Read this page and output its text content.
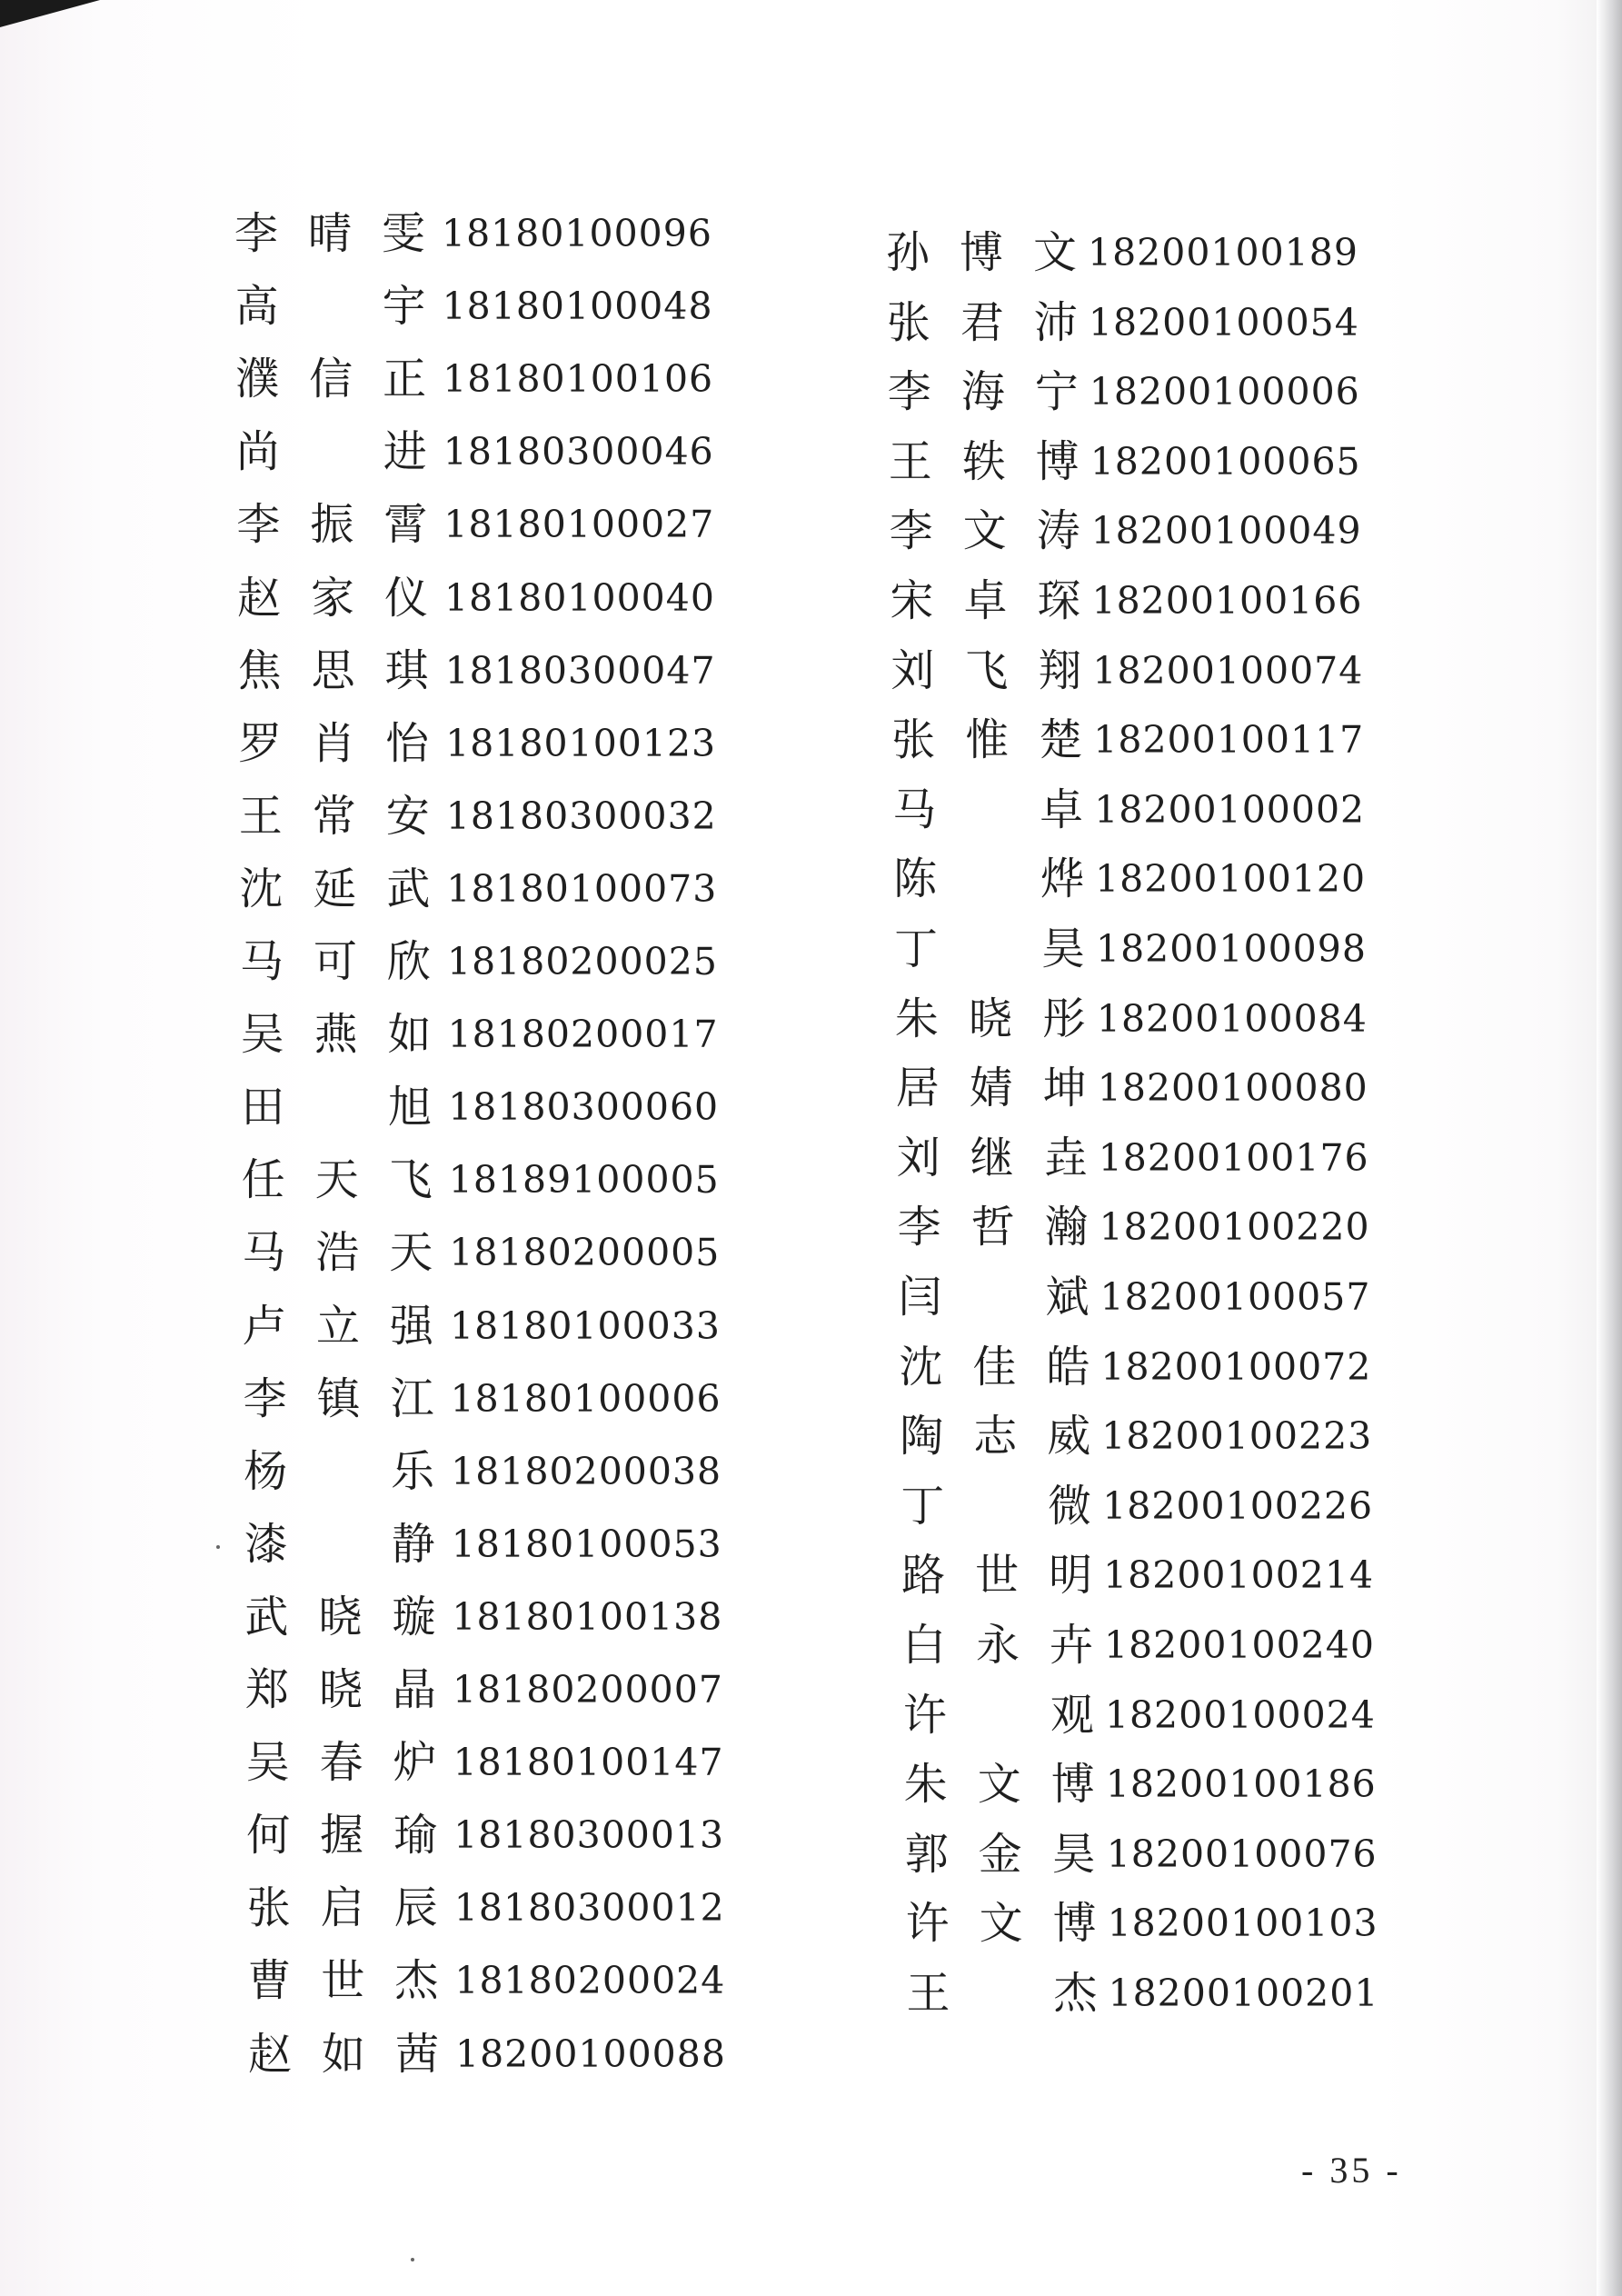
李 晴 雯 18180100096
高 宇 18180100048
濮 信 正 18180100106
尚 进 18180300046
李 振 霄 18180100027
赵 家 仪 18180100040
焦 思 琪 18180300047
罗 肖 怡 18180100123
王 常 安 18180300032
沈 延 武 18180100073
马 可 欣 18180200025
吴 燕 如 18180200017
田 旭 18180300060
任 天 飞 18189100005
马 浩 天 18180200005
卢 立 强 18180100033
李 镇 江 18180100006
杨 乐 18180200038
漆 静 18180100053
武 晓 璇 18180100138
郑 晓 晶 18180200007
吴 春 炉 18180100147
何 握 瑜 18180300013
张 启 辰 18180300012
曹 世 杰 18180200024
赵 如 茜 18200100088
孙 博 文 18200100189
张 君 沛 18200100054
李 海 宁 18200100006
王 轶 博 18200100065
李 文 涛 18200100049
宋 卓 琛 18200100166
刘 飞 翔 18200100074
张 惟 楚 18200100117
马 卓 18200100002
陈 烨 18200100120
丁 昊 18200100098
朱 晓 彤 18200100084
居 婧 坤 18200100080
刘 继 垚 18200100176
李 哲 瀚 18200100220
闫 斌 18200100057
沈 佳 皓 18200100072
陶 志 威 18200100223
丁 微 18200100226
路 世 明 18200100214
白 永 卉 18200100240
许 观 18200100024
朱 文 博 18200100186
郭 金 昊 18200100076
许 文 博 18200100103
王 杰 18200100201
- 35 -
